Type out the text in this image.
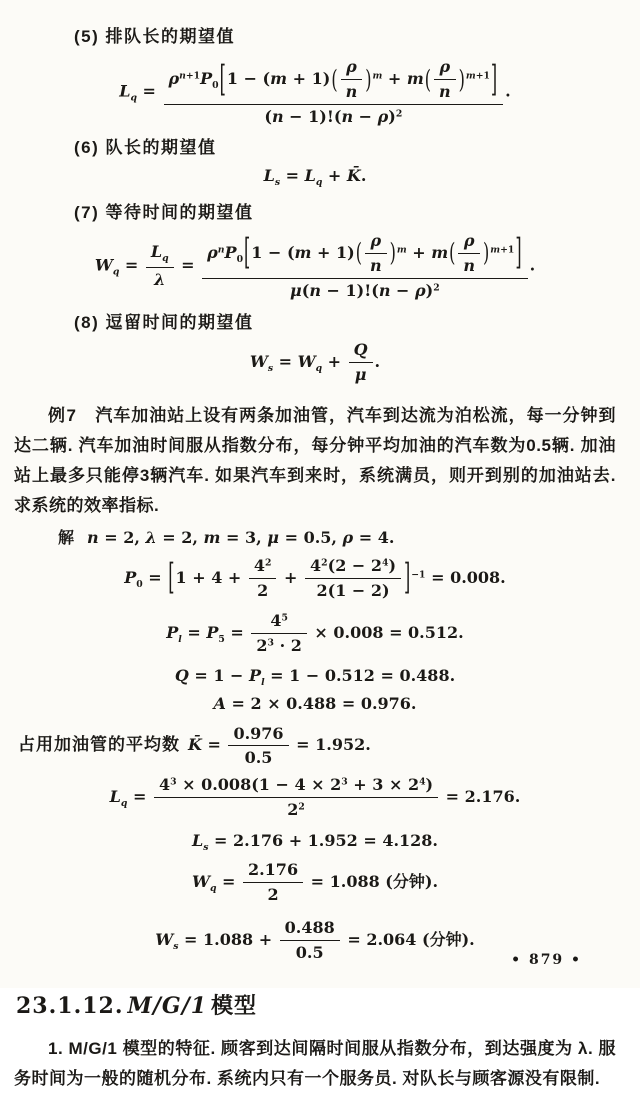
(5) 排队长的期望值
$L_q = \frac{\rho^{n+1}P_0[1 - (m + 1)( \frac{\rho}{n} )^m + m( \frac{\rho}{n} )^{m+1}]}{(n - 1)!(n - \rho)^2}$ .
(6) 队长的期望值
$L_s = L_q$ + K̄.
(7) 等待时间的期望值
$W_q = \frac{L_q}{\lambda} = \frac{\rho^nP_0[1 - (m + 1)( \frac{\rho}{n} )^m + m( \frac{\rho}{n} )^{m+1}]}{\mu(n - 1)!(n - \rho)^2}$ .
(8) 逗留时间的期望值
$W_s = W_q + \frac{Q}{\mu}$ .

例7　 汽车加油站上设有两条加油管，汽车到达流为泊松流，每一分钟到达二辆. 汽车加油时间服从指数分布，每分钟平均加油的汽车数为0.5辆. 加油站上最多只能停3辆汽车. 如果汽车到来时，系统满员，则开到别的加油站去. 求系统的效率指标.

解 n = 2, λ = 2, m = 3, μ = 0.5, ρ = 4.
$P_0 = [1 + 4 + \frac{4^2}{2} + \frac{4^2(2 - 2^4)}{2(1 - 2)} ]^{-1} = 0.008$.
$P_l = P_5 = \frac{4^5}{2^3 \cdot 2} \times 0.008 = 0.512$.
$Q = 1 - P_l = 1 - 0.512 = 0.488$.
A = 2 × 0.488 = 0.976.
占用加油管的平均数 K̄ = $\frac{0.976}{0.5} = 1.952$.
$L_q = \frac{4^3 \times 0.008(1 - 4 \times 2^3 + 3 \times 2^4)}{2^2} = 2.176$.
$L_s = 2.176 + 1.952 = 4.128$.
$W_q = \frac{2.176}{2} = 1.088$ (分钟).
$W_s = 1.088 + \frac{0.488}{0.5} = 2.064$ (分钟).
23.1.12. M/G/1 模型

1. M/G/1 模型的特征. 顾客到达间隔时间服从指数分布，到达强度为 λ. 服务时间为一般的随机分布. 系统内只有一个服务员. 对队长与顾客源没有限制.

• 879 •
